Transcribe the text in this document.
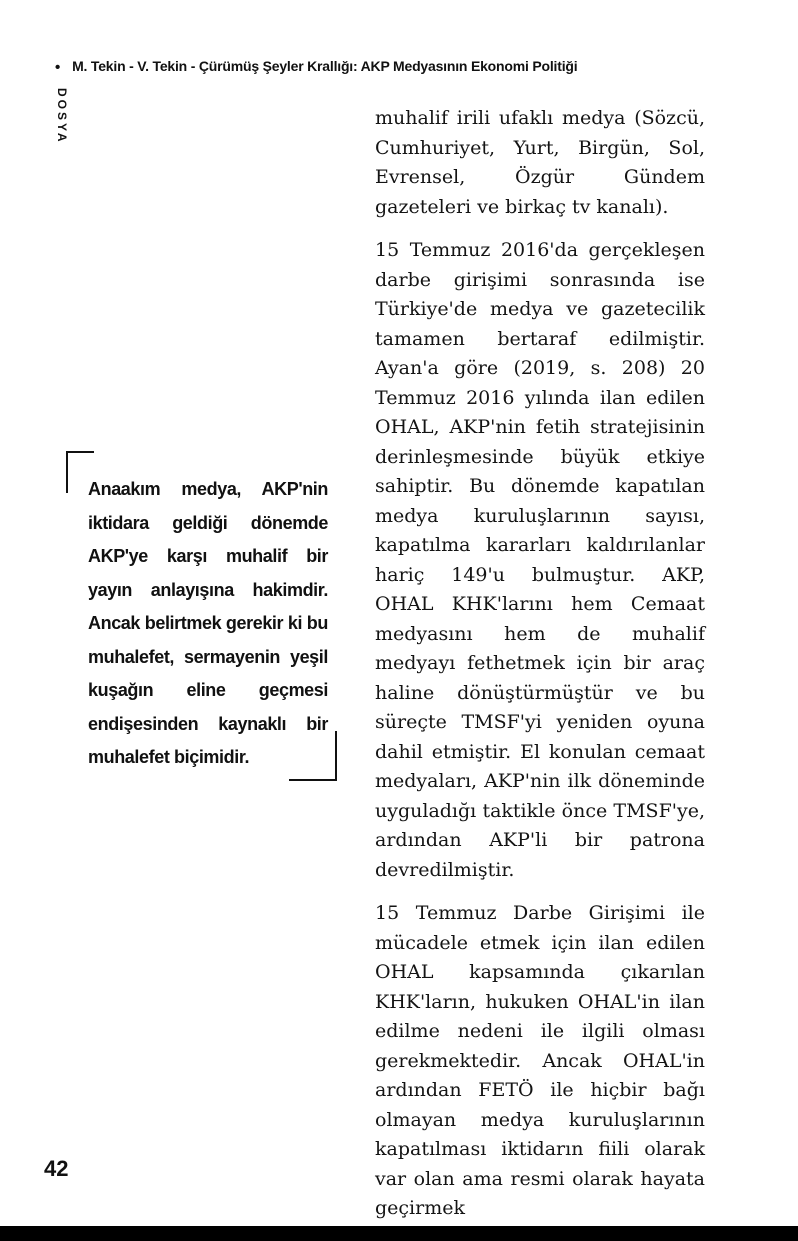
• M. Tekin - V. Tekin - Çürümüş Şeyler Krallığı: AKP Medyasının Ekonomi Politiği
DOSYA
Anaakım medya, AKP'nin iktidara geldiği dönemde AKP'ye karşı muhalif bir yayın anlayışına hakimdir. Ancak belirtmek gerekir ki bu muhalefet, sermayenin yeşil kuşağın eline geçmesi endişesinden kaynaklı bir muhalefet biçimidir.

muhalif irili ufaklı medya (Sözcü, Cumhuriyet, Yurt, Birgün, Sol, Evrensel, Özgür Gündem gazeteleri ve birkaç tv kanalı).

15 Temmuz 2016'da gerçekleşen darbe girişimi sonrasında ise Türkiye'de medya ve gazetecilik tamamen bertaraf edilmiştir. Ayan'a göre (2019, s. 208) 20 Temmuz 2016 yılında ilan edilen OHAL, AKP'nin fetih stratejisinin derinleşmesinde büyük etkiye sahiptir. Bu dönemde kapatılan medya kuruluşlarının sayısı, kapatılma kararları kaldırılanlar hariç 149'u bulmuştur. AKP, OHAL KHK'larını hem Cemaat medyasını hem de muhalif medyayı fethetmek için bir araç haline dönüştürmüştür ve bu süreçte TMSF'yi yeniden oyuna dahil etmiştir. El konulan cemaat medyaları, AKP'nin ilk döneminde uyguladığı taktikle önce TMSF'ye, ardından AKP'li bir patrona devredilmiştir.

15 Temmuz Darbe Girişimi ile mücadele etmek için ilan edilen OHAL kapsamında çıkarılan KHK'ların, hukuken OHAL'in ilan edilme nedeni ile ilgili olması gerekmektedir. Ancak OHAL'in ardından FETÖ ile hiçbir bağı olmayan medya kuruluşlarının kapatılması iktidarın fiili olarak var olan ama resmi olarak hayata geçirmek

42
